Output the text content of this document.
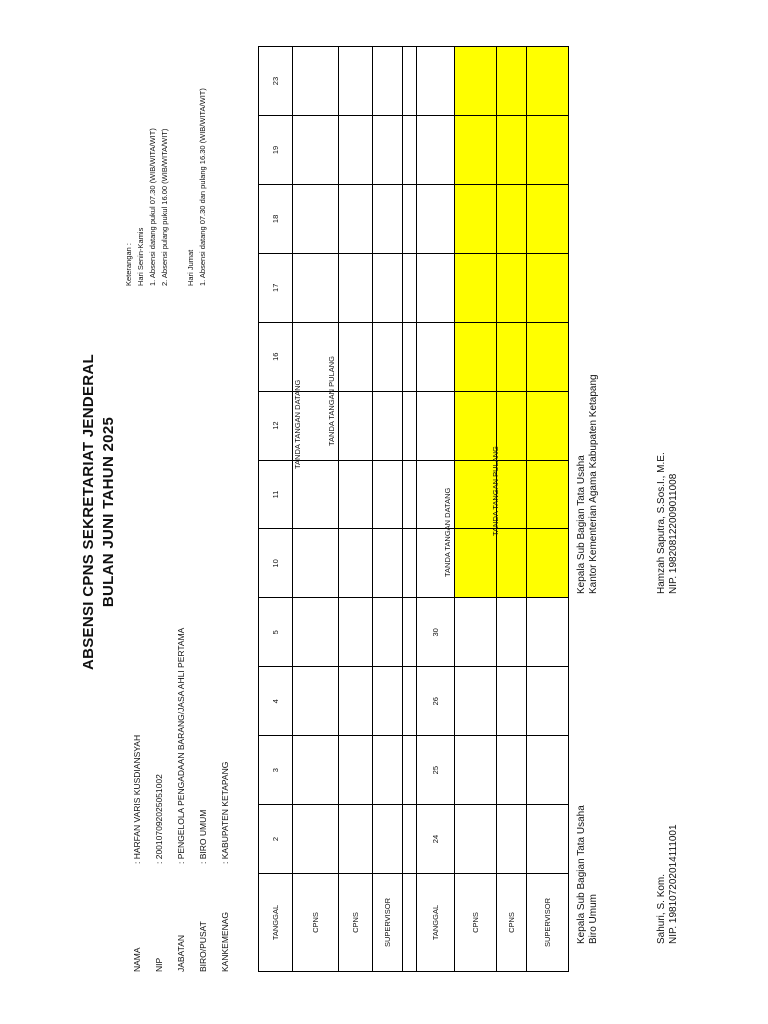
ABSENSI CPNS SEKRETARIAT JENDERAL BULAN JUNI TAHUN 2025
NAMA
: HARFAN VARIS KUSDIANSYAH
NIP
: 200107092025051002
JABATAN
: PENGELOLA PENGADAAN BARANG/JASA AHLI PERTAMA
BIRO/PUSAT
: BIRO UMUM
KANKEMENAG
: KABUPATEN KETAPANG
Keterangan : Hari Senin-Kamis 1. Absensi datang pukul 07.30 (WIB/WITA/WIT) 2. Absensi pulang pukul 16.00 (WIB/WITA/WIT) Hari Jumat 1. Absensi datang 07.30 dan pulang 16.30 (WIB/WITA/WIT)
TANGGAL	2	3	4	5	10	11	12	16	17	18	19	23
CPNS												
CPNS												
SUPERVISOR												

TANGGAL	24	25	26	30								
CPNS												
CPNS												
SUPERVISOR												
TANDA TANGAN DATANG	TANDA TANGAN PULANG
TANDA TANGAN DATANG	TANDA TANGAN PULANG
Kepala Sub Bagian Tata Usaha Biro Umum	Sahuri, S. Kom. NIP. 198107202014111001
Kepala Sub Bagian Tata Usaha Kantor Kementerian Agama Kabupaten Ketapang	Hamzah Saputra, S.Sos.I., M.E. NIP. 198208122009011008
